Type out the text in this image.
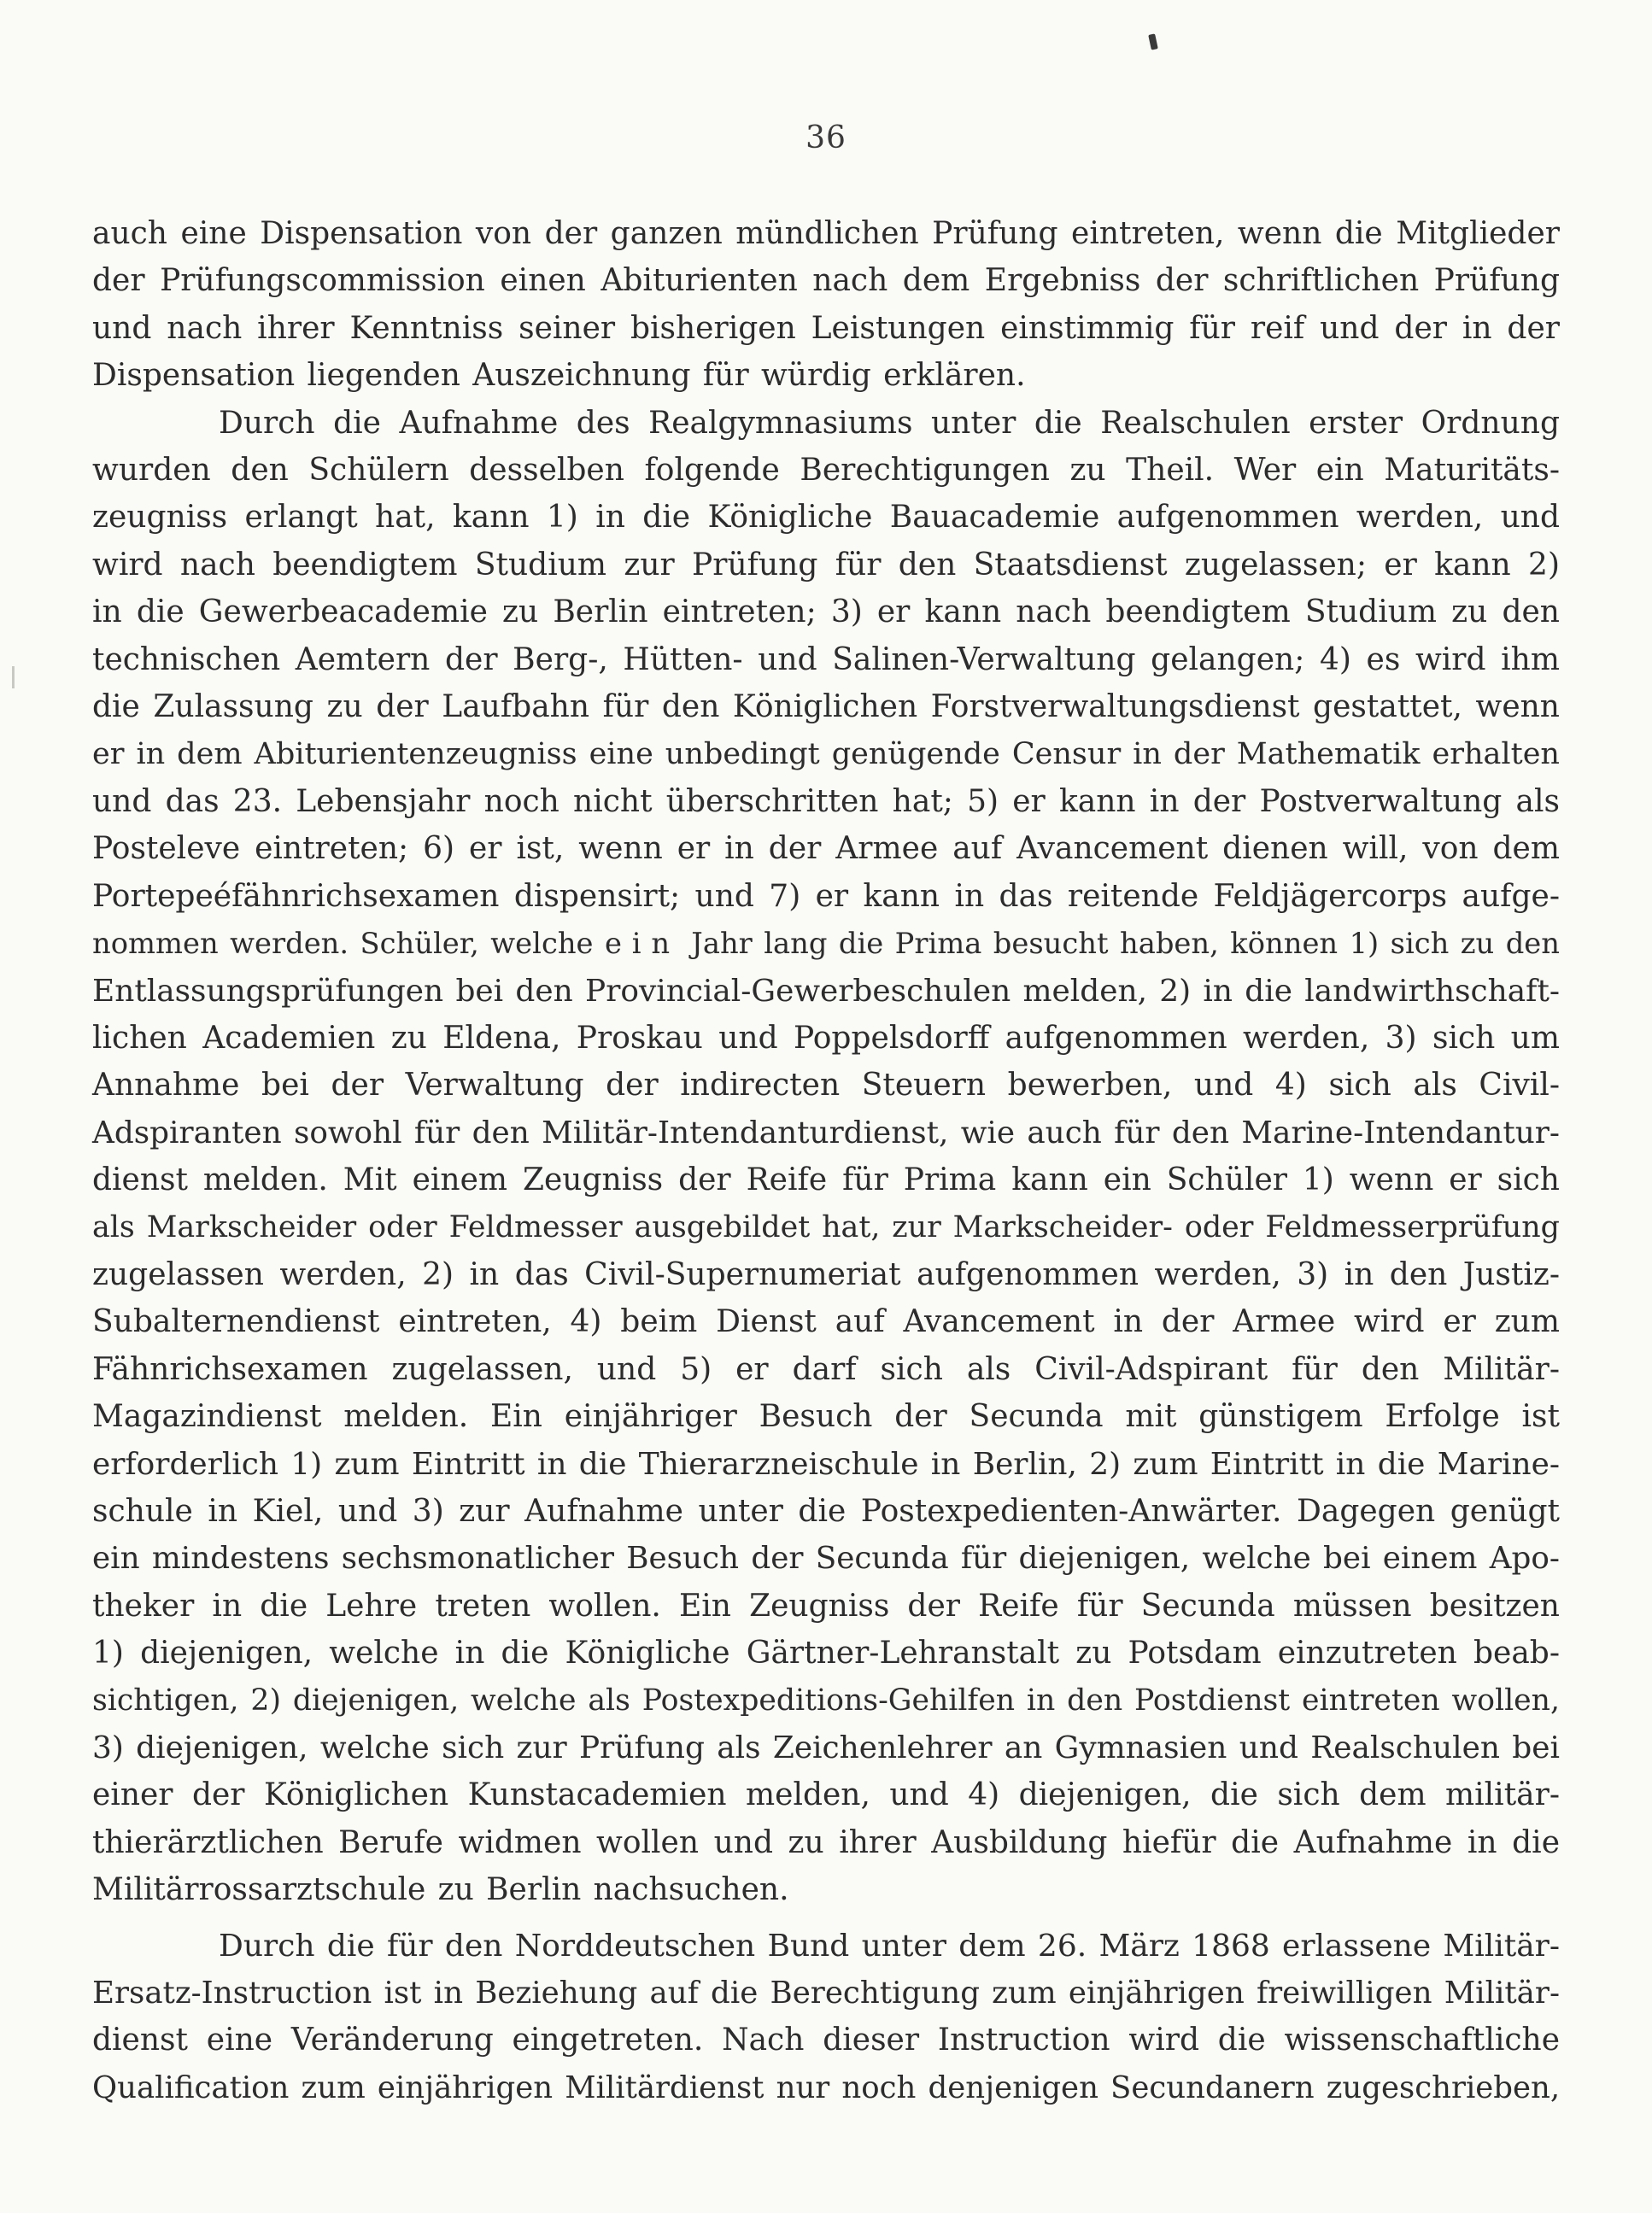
36

auch eine Dispensation von der ganzen mündlichen Prüfung eintreten, wenn die Mitglieder
der Prüfungscommission einen Abiturienten nach dem Ergebniss der schriftlichen Prüfung
und nach ihrer Kenntniss seiner bisherigen Leistungen einstimmig für reif und der in der
Dispensation liegenden Auszeichnung für würdig erklären.

Durch die Aufnahme des Realgymnasiums unter die Realschulen erster Ordnung
wurden den Schülern desselben folgende Berechtigungen zu Theil. Wer ein Maturitäts-
zeugniss erlangt hat, kann 1) in die Königliche Bauacademie aufgenommen werden, und
wird nach beendigtem Studium zur Prüfung für den Staatsdienst zugelassen; er kann 2)
in die Gewerbeacademie zu Berlin eintreten; 3) er kann nach beendigtem Studium zu den
technischen Aemtern der Berg-, Hütten- und Salinen-Verwaltung gelangen; 4) es wird ihm
die Zulassung zu der Laufbahn für den Königlichen Forstverwaltungsdienst gestattet, wenn
er in dem Abiturientenzeugniss eine unbedingt genügende Censur in der Mathematik erhalten
und das 23. Lebensjahr noch nicht überschritten hat; 5) er kann in der Postverwaltung als
Posteleve eintreten; 6) er ist, wenn er in der Armee auf Avancement dienen will, von dem
Portepeéfähnrichsexamen dispensirt; und 7) er kann in das reitende Feldjägercorps aufge-
nommen werden. Schüler, welche ein Jahr lang die Prima besucht haben, können 1) sich zu den
Entlassungsprüfungen bei den Provincial-Gewerbeschulen melden, 2) in die landwirthschaft-
lichen Academien zu Eldena, Proskau und Poppelsdorff aufgenommen werden, 3) sich um
Annahme bei der Verwaltung der indirecten Steuern bewerben, und 4) sich als Civil-
Adspiranten sowohl für den Militär-Intendanturdienst, wie auch für den Marine-Intendantur-
dienst melden. Mit einem Zeugniss der Reife für Prima kann ein Schüler 1) wenn er sich
als Markscheider oder Feldmesser ausgebildet hat, zur Markscheider- oder Feldmesserprüfung
zugelassen werden, 2) in das Civil-Supernumeriat aufgenommen werden, 3) in den Justiz-
Subalternendienst eintreten, 4) beim Dienst auf Avancement in der Armee wird er zum
Fähnrichsexamen zugelassen, und 5) er darf sich als Civil-Adspirant für den Militär-
Magazindienst melden. Ein einjähriger Besuch der Secunda mit günstigem Erfolge ist
erforderlich 1) zum Eintritt in die Thierarzneischule in Berlin, 2) zum Eintritt in die Marine-
schule in Kiel, und 3) zur Aufnahme unter die Postexpedienten-Anwärter. Dagegen genügt
ein mindestens sechsmonatlicher Besuch der Secunda für diejenigen, welche bei einem Apo-
theker in die Lehre treten wollen. Ein Zeugniss der Reife für Secunda müssen besitzen
1) diejenigen, welche in die Königliche Gärtner-Lehranstalt zu Potsdam einzutreten beab-
sichtigen, 2) diejenigen, welche als Postexpeditions-Gehilfen in den Postdienst eintreten wollen,
3) diejenigen, welche sich zur Prüfung als Zeichenlehrer an Gymnasien und Realschulen bei
einer der Königlichen Kunstacademien melden, und 4) diejenigen, die sich dem militär-
thierärztlichen Berufe widmen wollen und zu ihrer Ausbildung hiefür die Aufnahme in die
Militärrossarztschule zu Berlin nachsuchen.

Durch die für den Norddeutschen Bund unter dem 26. März 1868 erlassene Militär-
Ersatz-Instruction ist in Beziehung auf die Berechtigung zum einjährigen freiwilligen Militär-
dienst eine Veränderung eingetreten. Nach dieser Instruction wird die wissenschaftliche
Qualification zum einjährigen Militärdienst nur noch denjenigen Secundanern zugeschrieben,
